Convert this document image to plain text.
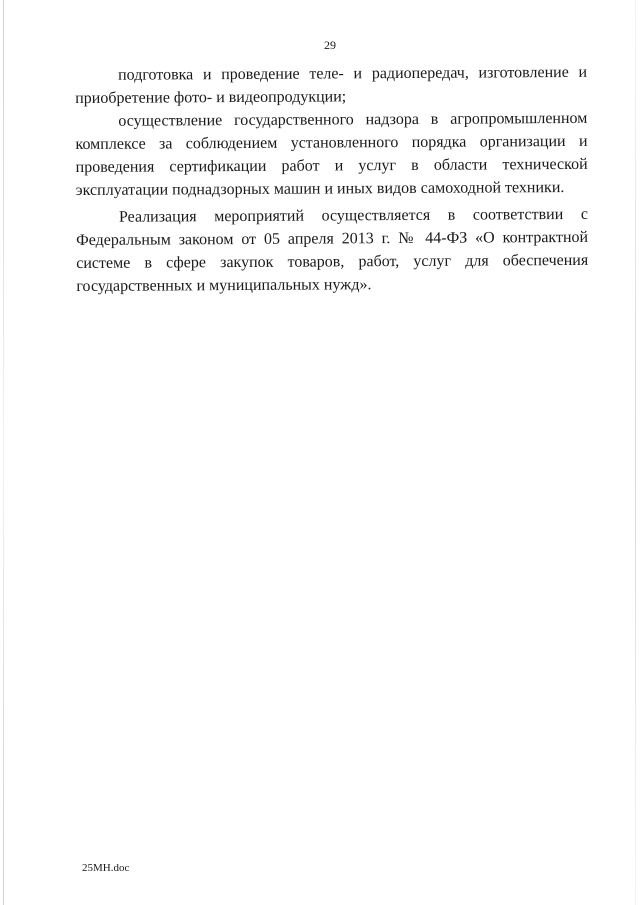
29

подготовка и проведение теле- и радиопередач, изготовление и приобретение фото- и видеопродукции;

осуществление государственного надзора в агропромышленном комплексе за соблюдением установленного порядка организации и проведения сертификации работ и услуг в области технической эксплуатации поднадзорных машин и иных видов самоходной техники.

Реализация мероприятий осуществляется в соответствии с Федеральным законом от 05 апреля 2013 г. № 44-ФЗ «О контрактной системе в сфере закупок товаров, работ, услуг для обеспечения государственных и муниципальных нужд».

25МН.doc
